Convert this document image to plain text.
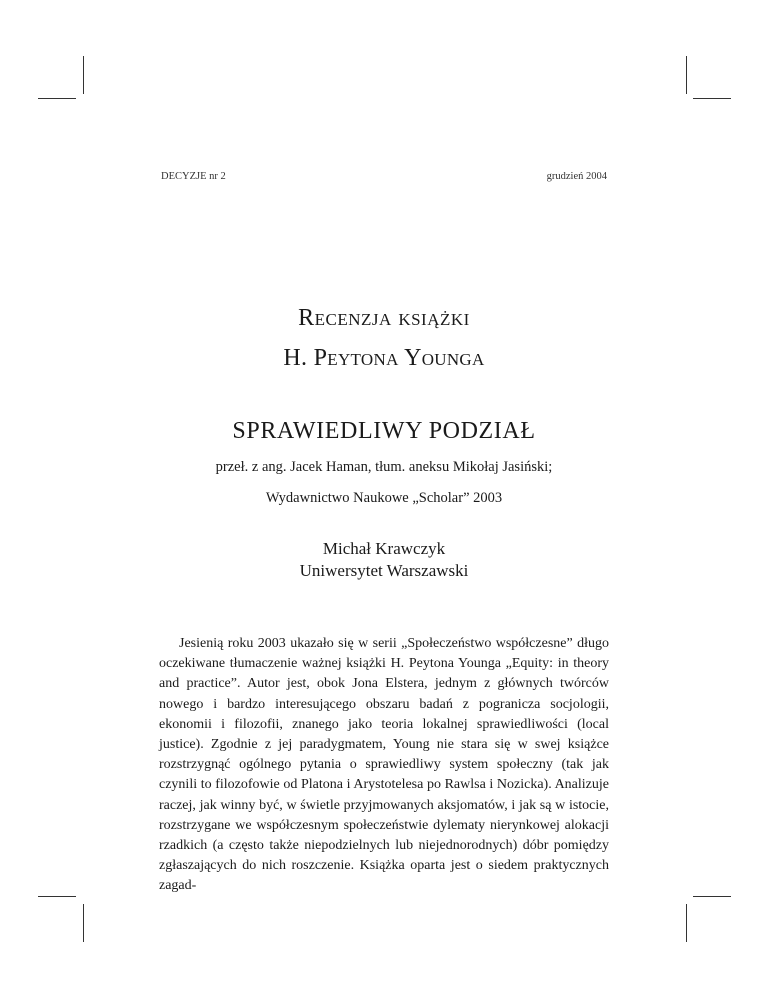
DECYZJE nr 2	grudzień 2004
Recenzja książki
H. Peytona Younga
SPRAWIEDLIWY PODZIAŁ
przeł. z ang. Jacek Haman, tłum. aneksu Mikołaj Jasiński;
Wydawnictwo Naukowe „Scholar” 2003
Michał Krawczyk
Uniwersytet Warszawski

Jesienią roku 2003 ukazało się w serii „Społeczeństwo współczesne” długo oczekiwane tłumaczenie ważnej książki H. Peytona Younga „Equity: in theory and practice”. Autor jest, obok Jona Elstera, jednym z głównych twórców nowego i bardzo interesującego obszaru badań z pogranicza socjologii, ekonomii i filozofii, znanego jako teoria lokalnej sprawiedliwości (local justice). Zgodnie z jej paradygmatem, Young nie stara się w swej książce rozstrzygnąć ogólnego pytania o sprawiedliwy system społeczny (tak jak czynili to filozofowie od Platona i Arystotelesa po Rawlsa i Nozicka). Analizuje raczej, jak winny być, w świetle przyjmowanych aksjomatów, i jak są w istocie, rozstrzygane we współczesnym społeczeństwie dylematy nierynkowej alokacji rzadkich (a często także niepodzielnych lub niejednorodnych) dóbr pomiędzy zgłaszających do nich roszczenie. Książka oparta jest o siedem praktycznych zagad-
